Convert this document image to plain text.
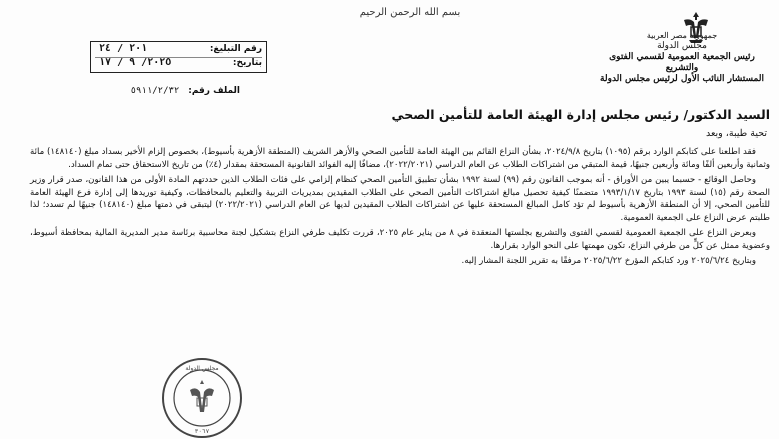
بسم الله الرحمن الرحيم
جمهورية مصر العربية
مجلس الدولة
رئيس الجمعية العمومية لقسمي الفتوى والتشريع
المستشار النائب الأول لرئيس مجلس الدولة
رقم التبليغ:
٢٠١ / ٢٤
بتاريخ:
٢٠٢٥/ ٩ / ١٧
الملف رقم: ٥٩١١/٢/٣٢
السيد الدكتور/ رئيس مجلس إدارة الهيئة العامة للتأمين الصحي
تحية طيبة، وبعد

فقد اطلعنا على كتابكم الوارد برقم (١٠٩٥) بتاريخ ٢٠٢٤/٩/٨، بشأن النزاع القائم بين الهيئة العامة للتأمين الصحي والأزهر الشريف (المنطقة الأزهرية بأسيوط)، بخصوص إلزام الأخير بسداد مبلغ (١٤٨١٤٠) مائة وثمانية وأربعين ألفًا ومائة وأربعين جنيهًا، قيمة المتبقي من اشتراكات الطلاب عن العام الدراسي (٢٠٢٢/٢٠٢١)، مضافًا إليه الفوائد القانونية المستحقة بمقدار (٤٪) من تاريخ الاستحقاق حتى تمام السداد.

وحاصل الوقائع - حسبما يبين من الأوراق - أنه بموجب القانون رقم (٩٩) لسنة ١٩٩٢ بشأن تطبيق التأمين الصحي كنظام إلزامي على فئات الطلاب الذين حددتهم المادة الأولى من هذا القانون، صدر قرار وزير الصحة رقم (١٥) لسنة ١٩٩٣ بتاريخ ١٩٩٣/١/١٧ متضمنًا كيفية تحصيل مبالغ اشتراكات التأمين الصحي على الطلاب المقيدين بمديريات التربية والتعليم بالمحافظات، وكيفية توريدها إلى إدارة فرع الهيئة العامة للتأمين الصحي، إلا أن المنطقة الأزهرية بأسيوط لم تؤد كامل المبالغ المستحقة عليها عن اشتراكات الطلاب المقيدين لديها عن العام الدراسي (٢٠٢٢/٢٠٢١) ليتبقى في ذمتها مبلغ (١٤٨١٤٠) جنيهًا لم تسدد؛ لذا طلبتم عرض النزاع على الجمعية العمومية.

وبعرض النزاع على الجمعية العمومية لقسمي الفتوى والتشريع بجلستها المنعقدة في ٨ من يناير عام ٢٠٢٥، قررت تكليف طرفي النزاع بتشكيل لجنة محاسبية برئاسة مدير المديرية المالية بمحافظة أسيوط، وعضوية ممثل عن كلٍّ من طرفي النزاع، تكون مهمتها على النحو الوارد بقرارها.

وبتاريخ ٢٠٢٥/٦/٢٤ ورد كتابكم المؤرخ ٢٠٢٥/٦/٢٢ مرفقًا به تقرير اللجنة المشار إليه.

مجلس الدولة
٣٠٦٧
